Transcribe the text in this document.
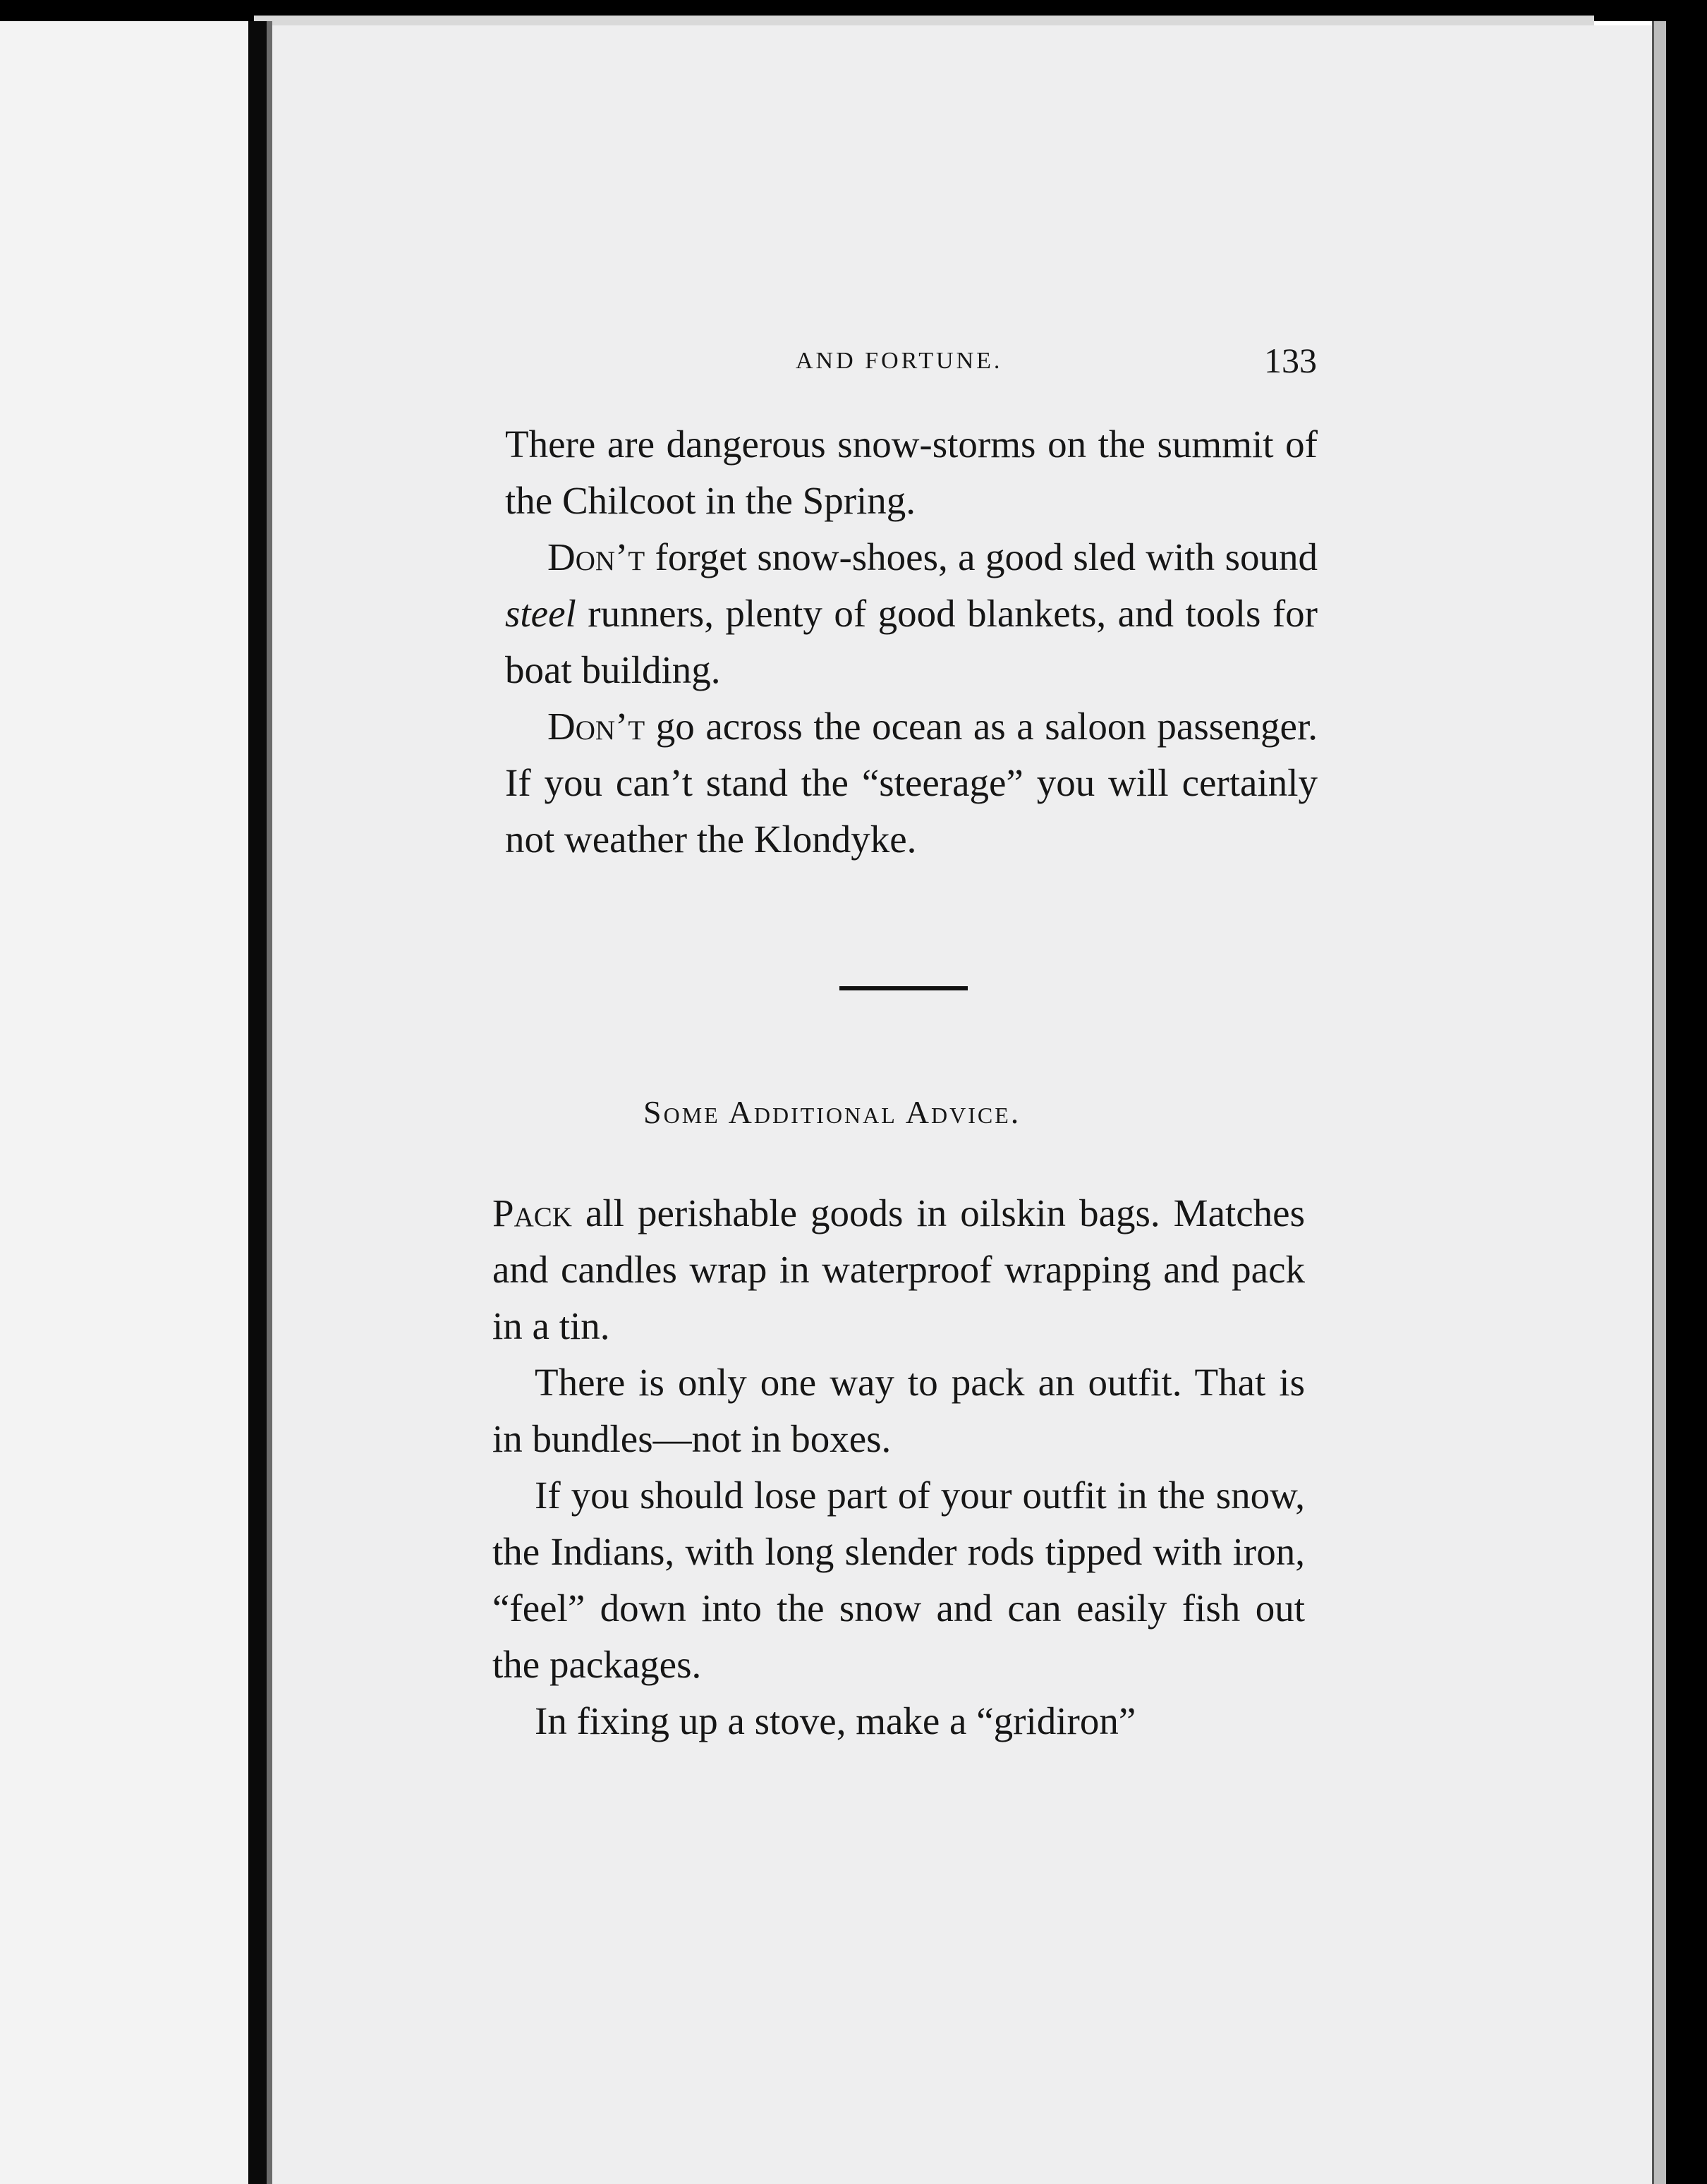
AND FORTUNE.	133

There are dangerous snow-storms on the summit of the Chilcoot in the Spring.

Don’t forget snow-shoes, a good sled with sound steel runners, plenty of good blankets, and tools for boat building.

Don’t go across the ocean as a saloon passenger. If you can’t stand the “steerage” you will certainly not weather the Klondyke.

Some Additional Advice.

Pack all perishable goods in oilskin bags. Matches and candles wrap in waterproof wrapping and pack in a tin.

There is only one way to pack an outfit. That is in bundles—not in boxes.

If you should lose part of your outfit in the snow, the Indians, with long slender rods tipped with iron, “feel” down into the snow and can easily fish out the packages.

In fixing up a stove, make a “gridiron”
